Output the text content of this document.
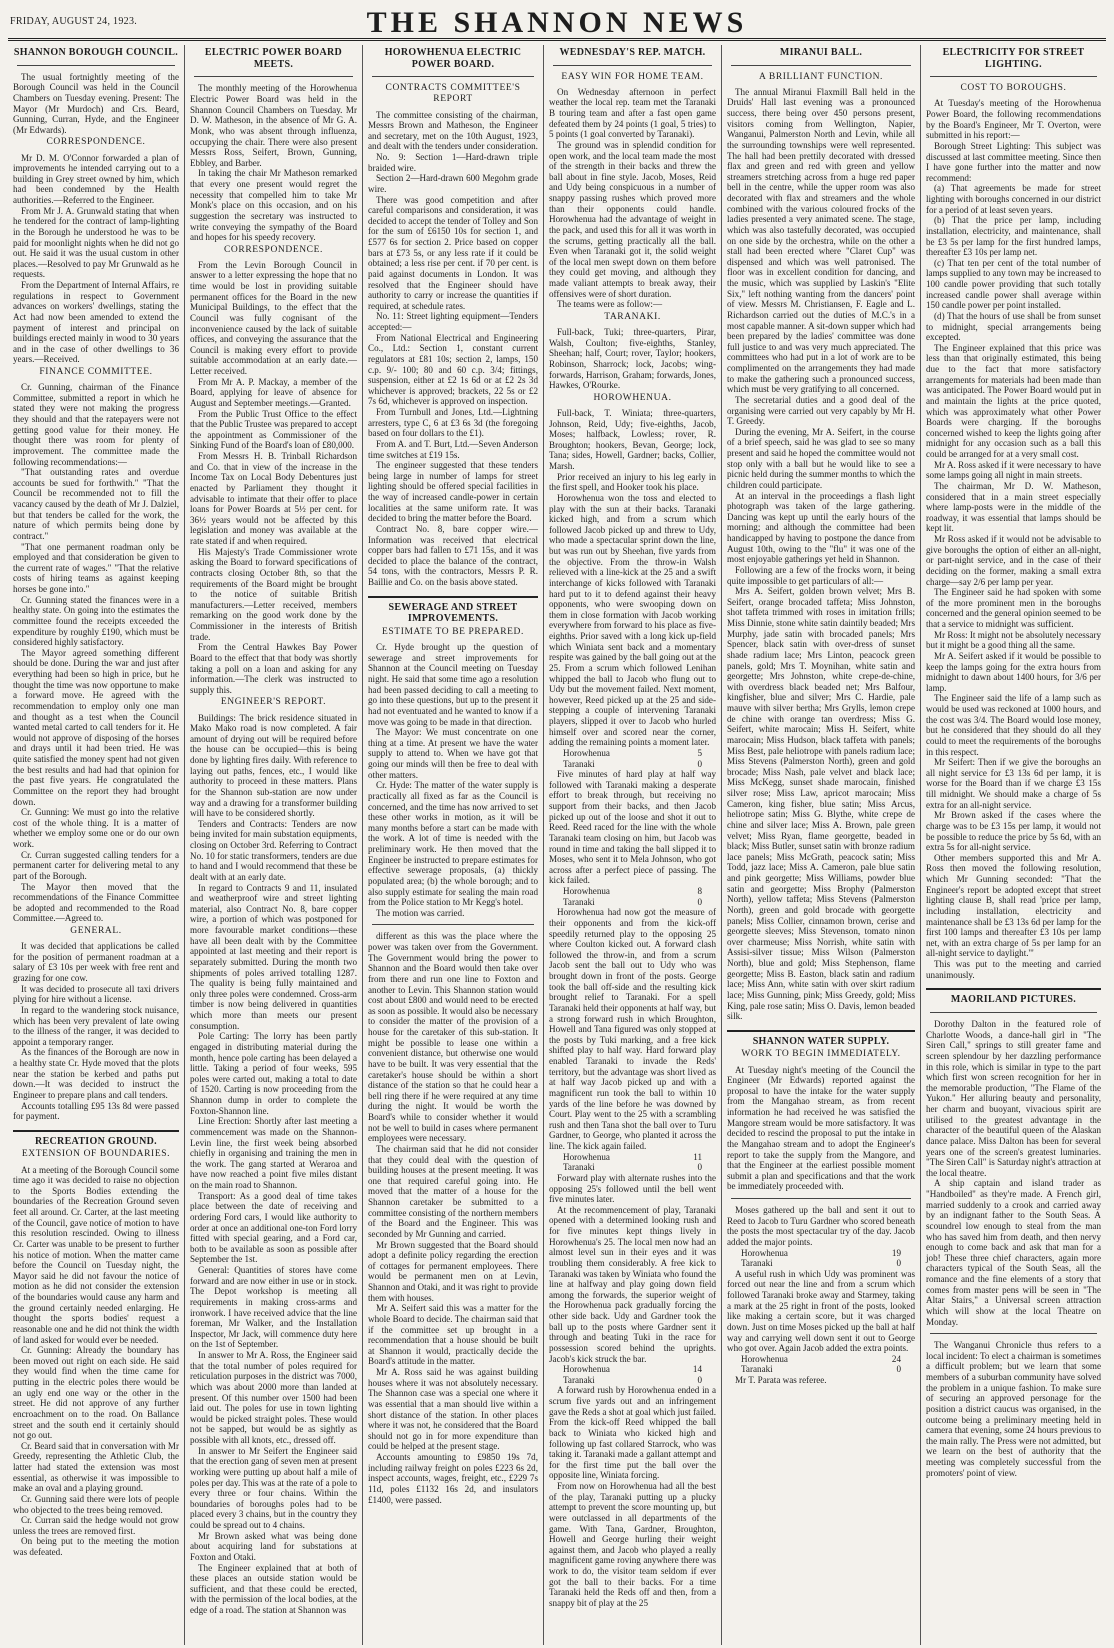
FRIDAY, AUGUST 24, 1923.	THE SHANNON NEWS
SHANNON BOROUGH COUNCIL.

The usual fortnightly meeting of the Borough Council was held in the Council Chambers on Tuesday evening. Present: The Mayor (Mr Murdoch) and Crs. Beard, Gunning, Curran, Hyde, and the Engineer (Mr Edwards).

CORRESPONDENCE.

Mr D. M. O'Connor forwarded a plan of improvements he intended carrying out to a building in Grey street owned by him, which had been condemned by the Health authorities.—Referred to the Engineer.

From Mr J. A. Grunwald stating that when he tendered for the contract of lamp-lighting in the Borough he understood he was to be paid for moonlight nights when he did not go out. He said it was the usual custom in other places.—Resolved to pay Mr Grunwald as he requests.

From the Department of Internal Affairs, re regulations in respect to Government advances on workers' dwellings, stating the Act had now been amended to extend the payment of interest and principal on buildings erected mainly in wood to 30 years and in the case of other dwellings to 36 years.—Received.

FINANCE COMMITTEE.

Cr. Gunning, chairman of the Finance Committee, submitted a report in which he stated they were not making the progress they should and that the ratepayers were not getting good value for their money. He thought there was room for plenty of improvement. The committee made the following recommendations:—

"That outstanding rates and overdue accounts be sued for forthwith." "That the Council be recommended not to fill the vacancy caused by the death of Mr J. Dalziel, but that tenders be called for the work, the nature of which permits being done by contract."

"That one permanent roadman only be employed and that consideration be given to the current rate of wages." "That the relative costs of hiring teams as against keeping horses be gone into."

Cr. Gunning stated the finances were in a healthy state. On going into the estimates the committee found the receipts exceeded the expenditure by roughly £190, which must be considered highly satisfactory.

The Mayor agreed something different should be done. During the war and just after everything had been so high in price, but he thought the time was now opportune to make a forward move. He agreed with the recommendation to employ only one man and thought as a test when the Council wanted metal carted to call tenders for it. He would not approve of disposing of the horses and drays until it had been tried. He was quite satisfied the money spent had not given the best results and had had that opinion for the past five years. He congratulated the Committee on the report they had brought down.

Cr. Gunning: We must go into the relative cost of the whole thing. It is a matter of whether we employ some one or do our own work.

Cr. Curran suggested calling tenders for a permanent carter for delivering metal to any part of the Borough.

The Mayor then moved that the recommendations of the Finance Committee be adopted and recommended to the Road Committee.—Agreed to.

GENERAL.

It was decided that applications be called for the position of permanent roadman at a salary of £3 10s per week with free rent and grazing for one cow.

It was decided to prosecute all taxi drivers plying for hire without a license.

In regard to the wandering stock nuisance, which has been very prevalent of late owing to the illness of the ranger, it was decided to appoint a temporary ranger.

As the finances of the Borough are now in a healthy state Cr. Hyde moved that the plots near the station be kerbed and paths put down.—It was decided to instruct the Engineer to prepare plans and call tenders.

Accounts totalling £95 13s 8d were passed for payment.

RECREATION GROUND.
EXTENSION OF BOUNDARIES.

At a meeting of the Borough Council some time ago it was decided to raise no objection to the Sports Bodies extending the boundaries of the Recreation Ground seven feet all around. Cr. Carter, at the last meeting of the Council, gave notice of motion to have this resolution rescinded. Owing to illness Cr. Carter was unable to be present to further his notice of motion. When the matter came before the Council on Tuesday night, the Mayor said he did not favour the notice of motion as he did not consider the extension of the boundaries would cause any harm and the ground certainly needed enlarging. He thought the sports bodies' request a reasonable one and he did not think the width of land asked for would ever be needed.

Cr. Gunning: Already the boundary has been moved out right on each side. He said they would find when the time came for putting in the electric poles there would be an ugly end one way or the other in the street. He did not approve of any further encroachment on to the road. On Ballance street and the south end it certainly should not go out.

Cr. Beard said that in conversation with Mr Greedy, representing the Athletic Club, the latter had stated the extension was most essential, as otherwise it was impossible to make an oval and a playing ground.

Cr. Gunning said there were lots of people who objected to the trees being removed.

Cr. Curran said the hedge would not grow unless the trees are removed first.

On being put to the meeting the motion was defeated.

ELECTRIC POWER BOARD MEETS.

The monthly meeting of the Horowhenua Electric Power Board was held in the Shannon Council Chambers on Tuesday. Mr D. W. Matheson, in the absence of Mr G. A. Monk, who was absent through influenza, occupying the chair. There were also present Messrs Ross, Seifert, Brown, Gunning, Ebbley, and Barber.

In taking the chair Mr Matheson remarked that every one present would regret the necessity that compelled him to take Mr Monk's place on this occasion, and on his suggestion the secretary was instructed to write conveying the sympathy of the Board and hopes for his speedy recovery.

CORRESPONDENCE.

From the Levin Borough Council in answer to a letter expressing the hope that no time would be lost in providing suitable permanent offices for the Board in the new Municipal Buildings, to the effect that the Council was fully cognisant of the inconvenience caused by the lack of suitable offices, and conveying the assurance that the Council is making every effort to provide suitable accommodation at an early date.—Letter received.

From Mr A. P. Mackay, a member of the Board, applying for leave of absence for August and September meetings.—Granted.

From the Public Trust Office to the effect that the Public Trustee was prepared to accept the appointment as Commissioner of the Sinking Fund of the Board's loan of £80,000.

From Messrs H. B. Trinball Richardson and Co. that in view of the increase in the Income Tax on Local Body Debentures just enacted by Parliament they thought it advisable to intimate that their offer to place loans for Power Boards at 5½ per cent. for 36½ years would not be affected by this legislation and money was available at the rate stated if and when required.

His Majesty's Trade Commissioner wrote asking the Board to forward specifications of contracts closing October 8th, so that the requirements of the Board might be brought to the notice of suitable British manufacturers.—Letter received, members remarking on the good work done by the Commissioner in the interests of British trade.

From the Central Hawkes Bay Power Board to the effect that that body was shortly taking a poll on a loan and asking for any information.—The clerk was instructed to supply this.

ENGINEER'S REPORT.

Buildings: The brick residence situated in Mako Mako road is now completed. A fair amount of drying out will be required before the house can be occupied—this is being done by lighting fires daily. With reference to laying out paths, fences, etc., I would like authority to proceed in these matters. Plans for the Shannon sub-station are now under way and a drawing for a transformer building will have to be considered shortly.

Tenders and Contracts: Tenders are now being invited for main substation equipments, closing on October 3rd. Referring to Contract No. 10 for static transformers, tenders are due to hand and I would recommend that these be dealt with at an early date.

In regard to Contracts 9 and 11, insulated and weatherproof wire and street lighting material, also Contract No. 8, bare copper wire, a portion of which was postponed for more favourable market conditions—these have all been dealt with by the Committee appointed at last meeting and their report is separately submitted. During the month two shipments of poles arrived totalling 1287. The quality is being fully maintained and only three poles were condemned. Cross-arm timber is now being delivered in quantities which more than meets our present consumption.

Pole Carting: The lorry has been partly engaged in distributing material during the month, hence pole carting has been delayed a little. Taking a period of four weeks, 595 poles were carted out, making a total to date of 1520. Carting is now proceeding from the Shannon dump in order to complete the Foxton-Shannon line.

Line Erection: Shortly after last meeting a commencement was made on the Shannon-Levin line, the first week being absorbed chiefly in organising and training the men in the work. The gang started at Weraroa and have now reached a point five miles distant on the main road to Shannon.

Transport: As a good deal of time takes place between the date of receiving and ordering Ford cars, I would like authority to order at once an additional one-ton Ford lorry fitted with special gearing, and a Ford car, both to be available as soon as possible after September the 1st.

General: Quantities of stores have come forward and are now either in use or in stock. The Depot workshop is meeting all requirements in making cross-arms and ironwork. I have received advice that the line foreman, Mr Walker, and the Installation Inspector, Mr Jack, will commence duty here on the 1st of September.

In answer to Mr A. Ross, the Engineer said that the total number of poles required for reticulation purposes in the district was 7000, which was about 2000 more than landed at present. Of this number over 1500 had been laid out. The poles for use in town lighting would be picked straight poles. These would not be sapped, but would be as sightly as possible with all knots, etc., dressed off.

In answer to Mr Seifert the Engineer said that the erection gang of seven men at present working were putting up about half a mile of poles per day. This was at the rate of a pole to every three or four chains. Within the boundaries of boroughs poles had to be placed every 3 chains, but in the country they could be spread out to 4 chains.

Mr Brown asked what was being done about acquiring land for substations at Foxton and Otaki.

The Engineer explained that at both of these places an outside station would be sufficient, and that these could be erected, with the permission of the local bodies, at the edge of a road. The station at Shannon was

HOROWHENUA ELECTRIC POWER BOARD.
CONTRACTS COMMITTEE'S REPORT

The committee consisting of the chairman, Messrs Brown and Matheson, the Engineer and secretary, met on the 10th August, 1923, and dealt with the tenders under consideration.

No. 9: Section 1—Hard-drawn triple braided wire.

Section 2—Hard-drawn 600 Megohm grade wire.

There was good competition and after careful comparisons and consideration, it was decided to accept the tender of Tolley and Son for the sum of £6150 10s for section 1, and £577 6s for section 2. Price based on copper bars at £73 5s, or any less rate if it could be obtained; a less rise per cent. if 70 per cent. is paid against documents in London. It was resolved that the Engineer should have authority to carry or increase the quantities if required, at schedule rates.

No. 11: Street lighting equipment—Tenders accepted:—

From National Electrical and Engineering Co., Ltd.: Section 1, constant current regulators at £81 10s; section 2, lamps, 150 c.p. 9/- 100; 80 and 60 c.p. 3/4; fittings, suspension, either at £2 1s 6d or at £2 2s 3d whichever is approved; brackets, 22 5s or £2 7s 6d, whichever is approved on inspection.

From Turnbull and Jones, Ltd.—Lightning arresters, type C, 6 at £3 6s 3d (the foregoing based on four dollars to the £1).

From A. and T. Burt, Ltd.—Seven Anderson time switches at £19 15s.

The engineer suggested that these tenders being large in number of lamps for street lighting should be offered special facilities in the way of increased candle-power in certain localities at the same uniform rate. It was decided to bring the matter before the Board.

Contract No. 8, bare copper wire.—Information was received that electrical copper bars had fallen to £71 15s, and it was decided to place the balance of the contract, 54 tons, with the contractors, Messrs P. R. Baillie and Co. on the basis above stated.

SEWERAGE AND STREET IMPROVEMENTS.
ESTIMATE TO BE PREPARED.

Cr. Hyde brought up the question of sewerage and street improvements for Shannon at the Council meeting on Tuesday night. He said that some time ago a resolution had been passed deciding to call a meeting to go into these questions, but up to the present it had not eventuated and he wanted to know if a move was going to be made in that direction.

The Mayor: We must concentrate on one thing at a time. At present we have the water supply to attend to. When we have got that going our minds will then be free to deal with other matters.

Cr. Hyde: The matter of the water supply is practically all fixed as far as the Council is concerned, and the time has now arrived to set these other works in motion, as it will be many months before a start can be made with the work. A lot of time is needed with the preliminary work. He then moved that the Engineer be instructed to prepare estimates for effective sewerage proposals, (a) thickly populated area; (b) the whole borough; and to also supply estimate for sealing the main road from the Police station to Mr Kegg's hotel.

The motion was carried.

different as this was the place where the power was taken over from the Government. The Government would bring the power to Shannon and the Board would then take over from there and run one line to Foxton and another to Levin. This Shannon station would cost about £800 and would need to be erected as soon as possible. It would also be necessary to consider the matter of the provision of a house for the caretaker of this sub-station. It might be possible to lease one within a convenient distance, but otherwise one would have to be built. It was very essential that the caretaker's house should be within a short distance of the station so that he could hear a bell ring there if he were required at any time during the night. It would be worth the Board's while to consider whether it would not be well to build in cases where permanent employees were necessary.

The chairman said that he did not consider that they could deal with the question of building houses at the present meeting. It was one that required careful going into. He moved that the matter of a house for the Shannon caretaker be submitted to a committee consisting of the northern members of the Board and the Engineer. This was seconded by Mr Gunning and carried.

Mr Brown suggested that the Board should adopt a definite policy regarding the erection of cottages for permanent employees. There would be permanent men on at Levin, Shannon and Otaki, and it was right to provide them with houses.

Mr A. Seifert said this was a matter for the whole Board to decide. The chairman said that if the committee set up brought in a recommendation that a house should be built at Shannon it would, practically decide the Board's attitude in the matter.

Mr A. Ross said he was against building houses where it was not absolutely necessary. The Shannon case was a special one where it was essential that a man should live within a short distance of the station. In other places where it was not, he considered that the Board should not go in for more expenditure than could be helped at the present stage.

Accounts amounting to £9850 19s 7d, including railway freight on poles £223 6s 2d, inspect accounts, wages, freight, etc., £229 7s 11d, poles £1132 16s 2d, and insulators £1400, were passed.

WEDNESDAY'S REP. MATCH.
EASY WIN FOR HOME TEAM.

On Wednesday afternoon in perfect weather the local rep. team met the Taranaki B touring team and after a fast open game defeated them by 24 points (1 goal, 5 tries) to 5 points (1 goal converted by Taranaki).

The ground was in splendid condition for open work, and the local team made the most of the strength in their backs and threw the ball about in fine style. Jacob, Moses, Reid and Udy being conspicuous in a number of snappy passing rushes which proved more than their opponents could handle. Horowhenua had the advantage of weight in the pack, and used this for all it was worth in the scrums, getting practically all the ball. Even when Taranaki got it, the solid weight of the local men swept down on them before they could get moving, and although they made valiant attempts to break away, their offensives were of short duration.

The teams were as follow:—

TARANAKI.

Full-back, Tuki; three-quarters, Pirar, Walsh, Coulton; five-eighths, Stanley, Sheehan; half, Court; rover, Taylor; hookers, Robinson, Sharrock; lock, Jacobs; wing-forwards, Harrison, Graham; forwards, Jones, Hawkes, O'Rourke.

HOROWHENUA.

Full-back, T. Winiata; three-quarters, Johnson, Reid, Udy; five-eighths, Jacob, Moses; halfback, Lowless; rover, R. Broughton; hookers, Bevan, George; lock, Tana; sides, Howell, Gardner; backs, Collier, Marsh.

Prior received an injury to his leg early in the first spell, and Hooker took his place.

Horowhenua won the toss and elected to play with the sun at their backs. Taranaki kicked high, and from a scrum which followed Jacob picked up and threw to Udy, who made a spectacular sprint down the line, but was run out by Sheehan, five yards from the objective. From the throw-in Walsh relieved with a line-kick at the 25 and a swift interchange of kicks followed with Taranaki hard put to it to defend against their heavy opponents, who were swooping down on them in close formation with Jacob working everywhere from forward to his place as five-eighths. Prior saved with a long kick up-field which Winiata sent back and a momentary respite was gained by the ball going out at the 25. From a scrum which followed Lenihan whipped the ball to Jacob who flung out to Udy but the movement failed. Next moment, however, Reed picked up at the 25 and side-stepping a couple of intervening Taranaki players, slipped it over to Jacob who hurled himself over and scored near the corner, adding the remaining points a moment later.

Horowhenua	5

Taranaki	0

Five minutes of hard play at half way followed with Taranaki making a desperate effort to break through, but receiving no support from their backs, and then Jacob picked up out of the loose and shot it out to Reed. Reed raced for the line with the whole Taranaki team closing on him, but Jacob was round in time and taking the ball slipped it to Moses, who sent it to Mela Johnson, who got across after a perfect piece of passing. The kick failed.

Horowhenua	8

Taranaki	0

Horowhenua had now got the measure of their opponents and from the kick-off speedily returned play to the opposing 25 where Coulton kicked out. A forward clash followed the throw-in, and from a scrum Jacob sent the ball out to Udy who was brought down in front of the posts. George took the ball off-side and the resulting kick brought relief to Taranaki. For a spell Taranaki held their opponents at half way, but a strong forward rush in which Broughton, Howell and Tana figured was only stopped at the posts by Tuki marking, and a free kick shifted play to half way. Hard forward play enabled Taranaki to invade the Reds' territory, but the advantage was short lived as at half way Jacob picked up and with a magnificent run took the ball to within 10 yards of the line before he was downed by Court. Play went to the 25 with a scrambling rush and then Tana shot the ball over to Turu Gardner, to George, who planted it across the line. The kick again failed.

Horowhenua	11

Taranaki	0

Forward play with alternate rushes into the opposing 25's followed until the bell went five minutes later.

At the recommencement of play, Taranaki opened with a determined looking rush and for five minutes kept things lively in Horowhenua's 25. The local men now had an almost level sun in their eyes and it was troubling them considerably. A free kick to Taranaki was taken by Winiata who found the line at halfway and play going down field among the forwards, the superior weight of the Horowhenua pack gradually forcing the other side back. Udy and Gardner took the ball up to the posts where Gardner sent it through and beating Tuki in the race for possession scored behind the uprights. Jacob's kick struck the bar.

Horowhenua	14

Taranaki	0

A forward rush by Horowhenua ended in a scrum five yards out and an infringement gave the Reds a shot at goal which just failed. From the kick-off Reed whipped the ball back to Winiata who kicked high and following up fast collared Starrock, who was taking it. Taranaki made a gallant attempt and for the first time put the ball over the opposite line, Winiata forcing.

From now on Horowhenua had all the best of the play, Taranaki putting up a plucky attempt to prevent the score mounting up, but were outclassed in all departments of the game. With Tana, Gardner, Broughton, Howell and George hurling their weight against them, and Jacob who played a really magnificent game roving anywhere there was work to do, the visitor team seldom if ever got the ball to their backs. For a time Taranaki held the Reds off and then, from a snappy bit of play at the 25

MIRANUI BALL.
A BRILLIANT FUNCTION.

The annual Miranui Flaxmill Ball held in the Druids' Hall last evening was a pronounced success, there being over 450 persons present, visitors coming from Wellington, Napier, Wanganui, Palmerston North and Levin, while all the surrounding townships were well represented. The hall had been prettily decorated with dressed flax and green and red with green and yellow streamers stretching across from a huge red paper bell in the centre, while the upper room was also decorated with flax and streamers and the whole combined with the various coloured frocks of the ladies presented a very animated scene. The stage, which was also tastefully decorated, was occupied on one side by the orchestra, while on the other a stall had been erected where "Claret Cup" was dispensed and which was well patronised. The floor was in excellent condition for dancing, and the music, which was supplied by Laskin's "Elite Six," left nothing wanting from the dancers' point of view. Messrs M. Christiansen, F. Eagle and L. Richardson carried out the duties of M.C.'s in a most capable manner. A sit-down supper which had been prepared by the ladies' committee was done full justice to and was very much appreciated. The committees who had put in a lot of work are to be complimented on the arrangements they had made to make the gathering such a pronounced success, which must be very gratifying to all concerned.

The secretarial duties and a good deal of the organising were carried out very capably by Mr H. T. Greedy.

During the evening, Mr A. Seifert, in the course of a brief speech, said he was glad to see so many present and said he hoped the committee would not stop only with a ball but he would like to see a picnic held during the summer months to which the children could participate.

At an interval in the proceedings a flash light photograph was taken of the large gathering. Dancing was kept up until the early hours of the morning; and although the committee had been handicapped by having to postpone the dance from August 10th, owing to the "flu" it was one of the most enjoyable gatherings yet held in Shannon.

Following are a few of the frocks worn, it being quite impossible to get particulars of all:—

Mrs A. Seifert, golden brown velvet; Mrs B. Seifert, orange brocaded taffeta; Miss Johnston, shot taffeta trimmed with roses in imitation frills; Miss Dinnie, stone white satin daintily beaded; Mrs Murphy, jade satin with brocaded panels; Mrs Spencer, black satin with over-dress of sunset shade radium lace; Mrs Linton, peacock green panels, gold; Mrs T. Moynihan, white satin and georgette; Mrs Johnston, white crepe-de-chine, with overdress black beaded net; Mrs Balfour, kingfisher, blue and silver; Mrs C. Hardie, pale mauve with silver bertha; Mrs Grylls, lemon crepe de chine with orange tan overdress; Miss G. Seifert, white marocain; Miss H. Seifert, white marocain; Miss Hudson, black taffeta with panels; Miss Best, pale heliotrope with panels radium lace; Miss Stevens (Palmerston North), green and gold brocade; Miss Nash, pale velvet and black lace; Miss McKegg, sunset shade marocain, finished silver rose; Miss Law, apricot marocain; Miss Cameron, king fisher, blue satin; Miss Arcus, heliotrope satin; Miss G. Blythe, white crepe de chine and silver lace; Miss A. Brown, pale green velvet; Miss Ryan, flame georgette, beaded in black; Miss Butler, sunset satin with bronze radium lace panels; Miss McGrath, peacock satin; Miss Todd, jazz lace; Miss A. Cameron, pale blue satin and pink georgette; Miss Williams, powder blue satin and georgette; Miss Brophy (Palmerston North), yellow taffeta; Miss Stevens (Palmerston North), green and gold brocade with georgette panels; Miss Collier, cinnamon brown, cerise and georgette sleeves; Miss Stevenson, tomato ninon over charmeuse; Miss Norrish, white satin with Assisi-silver tissue; Miss Wilson (Palmerston North), blue and gold; Miss Stephenson, flame georgette; Miss B. Easton, black satin and radium lace; Miss Ann, white satin with over skirt radium lace; Miss Gunning, pink; Miss Greedy, gold; Miss King, pale rose satin; Miss O. Davis, lemon beaded silk.

SHANNON WATER SUPPLY.
WORK TO BEGIN IMMEDIATELY.

At Tuesday night's meeting of the Council the Engineer (Mr Edwards) reported against the proposal to have the intake for the water supply from the Mangahao stream, as from recent information he had received he was satisfied the Mangore stream would be more satisfactory. It was decided to rescind the proposal to put the intake in the Mangahao stream and to adopt the Engineer's report to take the supply from the Mangore, and that the Engineer at the earliest possible moment submit a plan and specifications and that the work be immediately proceeded with.

Moses gathered up the ball and sent it out to Reed to Jacob to Turu Gardner who scored beneath the posts the most spectacular try of the day. Jacob added the major points.

Horowhenua	19

Taranaki	0

A useful rush in which Udy was prominent was forced out near the line and from a scrum which followed Taranaki broke away and Starmey, taking a mark at the 25 right in front of the posts, looked like making a certain score, but it was charged down. Just on time Moses picked up the ball at half way and carrying well down sent it out to George who got over. Again Jacob added the extra points.

Horowhenua	24

Taranaki	0

Mr T. Parata was referee.

ELECTRICITY FOR STREET LIGHTING.
COST TO BOROUGHS.

At Tuesday's meeting of the Horowhenua Power Board, the following recommendations by the Board's Engineer, Mr T. Overton, were submitted in his report:—

Borough Street Lighting: This subject was discussed at last committee meeting. Since then I have gone further into the matter and now recommend:

(a) That agreements be made for street lighting with boroughs concerned in our district for a period of at least seven years.

(b) That the price per lamp, including installation, electricity, and maintenance, shall be £3 5s per lamp for the first hundred lamps, thereafter £3 10s per lamp net.

(c) That ten per cent of the total number of lamps supplied to any town may be increased to 100 candle power providing that such totally increased candle power shall average within 150 candle power per point installed.

(d) That the hours of use shall be from sunset to midnight, special arrangements being excepted.

The Engineer explained that this price was less than that originally estimated, this being due to the fact that more satisfactory arrangements for materials had been made than was anticipated. The Power Board would put in and maintain the lights at the price quoted, which was approximately what other Power Boards were charging. If the boroughs concerned wished to keep the lights going after midnight for any occasion such as a ball this could be arranged for at a very small cost.

Mr A. Ross asked if it were necessary to have some lamps going all night in main streets.

The chairman, Mr D. W. Matheson, considered that in a main street especially where lamp-posts were in the middle of the roadway, it was essential that lamps should be kept lit.

Mr Ross asked if it would not be advisable to give boroughs the option of either an all-night, or part-night service, and in the case of their deciding on the former, making a small extra charge—say 2/6 per lamp per year.

The Engineer said he had spoken with some of the more prominent men in the boroughs concerned and the general opinion seemed to be that a service to midnight was sufficient.

Mr Ross: It might not be absolutely necessary but it might be a good thing all the same.

Mr A. Seifert asked if it would be possible to keep the lamps going for the extra hours from midnight to dawn about 1400 hours, for 3/6 per lamp.

The Engineer said the life of a lamp such as would be used was reckoned at 1000 hours, and the cost was 3/4. The Board would lose money, but he considered that they should do all they could to meet the requirements of the boroughs in this respect.

Mr Seifert: Then if we give the boroughs an all night service for £3 13s 6d per lamp, it is worse for the Board than if we charge £3 15s till midnight. We should make a charge of 5s extra for an all-night service.

Mr Brown asked if the cases where the charge was to be £3 15s per lamp, it would not be possible to reduce the price by 5s 6d, with an extra 5s for all-night service.

Other members supported this and Mr A. Ross then moved the following resolution, which Mr Gunning seconded: "That the Engineer's report be adopted except that street lighting clause B, shall read 'price per lamp, including installation, electricity and maintenance shall be £3 13s 6d per lamp for the first 100 lamps and thereafter £3 10s per lamp net, with an extra charge of 5s per lamp for an all-night service to daylight.'"

This was put to the meeting and carried unanimously.

MAORILAND PICTURES.

Dorothy Dalton in the featured role of Charlotte Woods, a dance-hall girl in "The Siren Call," springs to still greater fame and screen splendour by her dazzling performance in this role, which is similar in type to the part which first won screen recognition for her in the memorable production, "The Flame of the Yukon." Her alluring beauty and personality, her charm and buoyant, vivacious spirit are utilised to the greatest advantage in the character of the beautiful queen of the Alaskan dance palace. Miss Dalton has been for several years one of the screen's greatest luminaries. "The Siren Call" is Saturday night's attraction at the local theatre.

A ship captain and island trader as "Handboiled" as they're made. A French girl, married suddenly to a crook and carried away by an indignant father to the South Seas. A scoundrel low enough to steal from the man who has saved him from death, and then nervy enough to come back and ask that man for a job! These three chief characters, again more characters typical of the South Seas, all the romance and the fine elements of a story that comes from master pens will be seen in "The Altar Stairs," a Universal screen attraction which will show at the local Theatre on Monday.

The Wanganui Chronicle thus refers to a local incident: To elect a chairman is sometimes a difficult problem; but we learn that some members of a suburban community have solved the problem in a unique fashion. To make sure of securing an approved personage for the position a district caucus was organised, in the outcome being a preliminary meeting held in camera that evening, some 24 hours previous to the main rally. The Press were not admitted, but we learn on the best of authority that the meeting was completely successful from the promoters' point of view.
